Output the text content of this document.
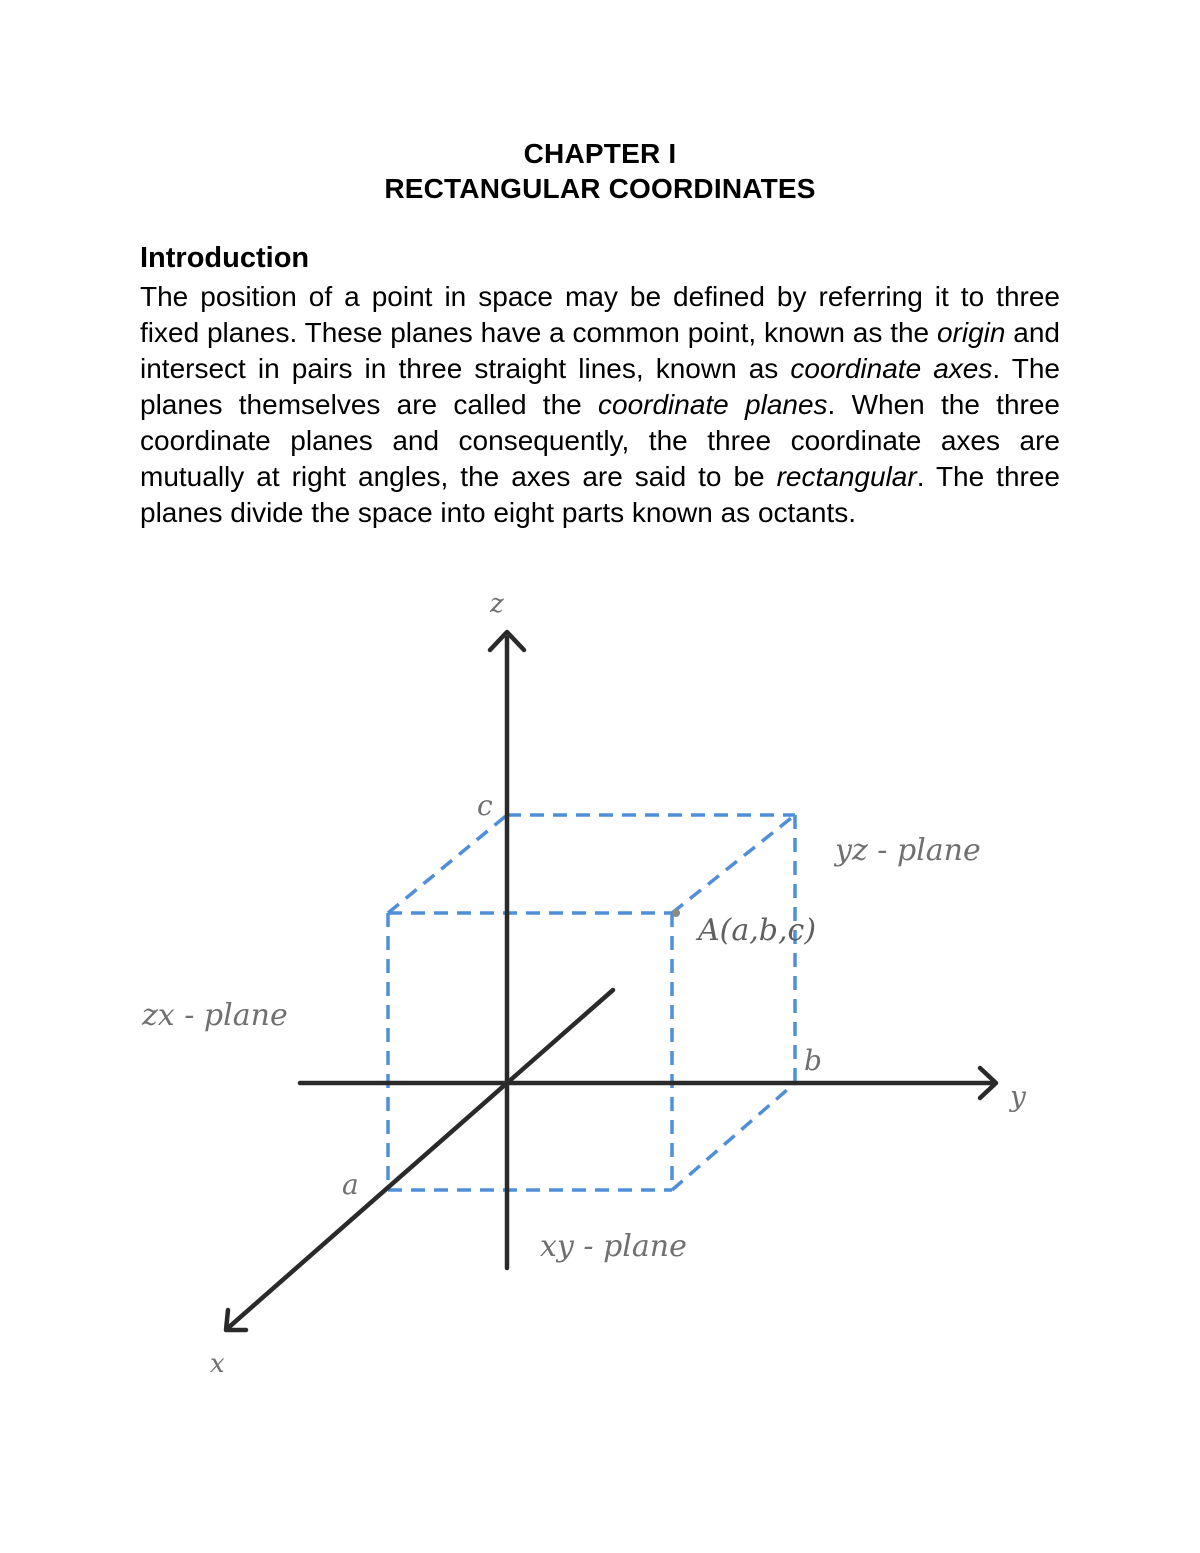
CHAPTER I
RECTANGULAR COORDINATES
Introduction
The position of a point in space may be defined by referring it to three fixed planes. These planes have a common point, known as the origin and intersect in pairs in three straight lines, known as coordinate axes. The planes themselves are called the coordinate planes. When the three coordinate planes and consequently, the three coordinate axes are mutually at right angles, the axes are said to be rectangular. The three planes divide the space into eight parts known as octants.
z
y
x
c
b
a
A(a,b,c)
yz - plane
zx - plane
xy - plane
